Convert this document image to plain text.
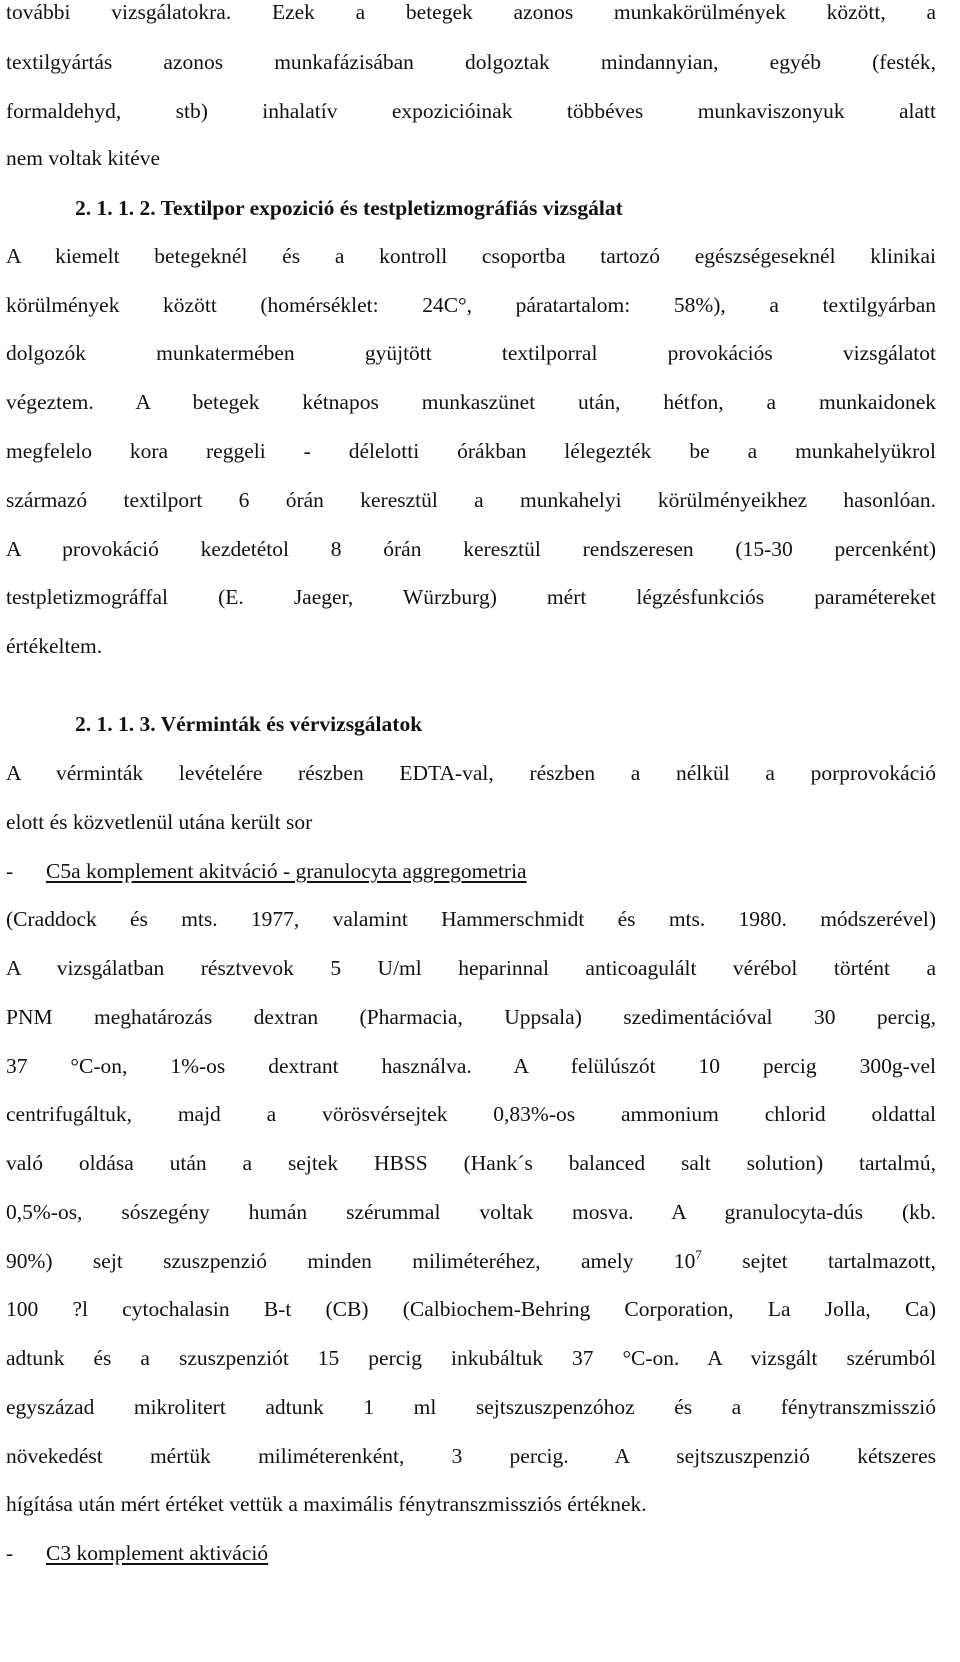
további vizsgálatokra. Ezek a betegek azonos munkakörülmények között, a
textilgyártás azonos munkafázisában dolgoztak mindannyian, egyéb (festék,
formaldehyd, stb) inhalatív expozicióinak többéves munkaviszonyuk alatt
nem voltak kitéve
2. 1. 1. 2. Textilpor expozició és testpletizmográfiás vizsgálat
A kiemelt betegeknél és a kontroll csoportba tartozó egészségeseknél klinikai
körülmények között (homérséklet: 24C°, páratartalom: 58%), a textilgyárban
dolgozók munkatermében gyüjtött textilporral provokációs vizsgálatot
végeztem. A betegek kétnapos munkaszünet után, hétfon, a munkaidonek
megfelelo kora reggeli - délelotti órákban lélegezték be a munkahelyükrol
származó textilport 6 órán keresztül a munkahelyi körülményeikhez hasonlóan.
A provokáció kezdetétol 8 órán keresztül rendszeresen (15-30 percenként)
testpletizmográffal (E. Jaeger, Würzburg) mért légzésfunkciós paramétereket
értékeltem.
2. 1. 1. 3. Vérminták és vérvizsgálatok
A vérminták levételére részben EDTA-val, részben a nélkül a porprovokáció
elott és közvetlenül utána került sor
- C5a komplement akitváció - granulocyta aggregometria
(Craddock és mts. 1977, valamint Hammerschmidt és mts. 1980. módszerével)
A vizsgálatban résztvevok 5 U/ml heparinnal anticoagulált vérébol történt a
PNM meghatározás dextran (Pharmacia, Uppsala) szedimentációval 30 percig,
37 °C-on, 1%-os dextrant használva. A felülúszót 10 percig 300g-vel
centrifugáltuk, majd a vörösvérsejtek 0,83%-os ammonium chlorid oldattal
való oldása után a sejtek HBSS (Hank´s balanced salt solution) tartalmú,
0,5%-os, sószegény humán szérummal voltak mosva. A granulocyta-dús (kb.
90%) sejt szuszpenzió minden miliméteréhez, amely $10^7$ sejtet tartalmazott,
100 ?l cytochalasin B-t (CB) (Calbiochem-Behring Corporation, La Jolla, Ca)
adtunk és a szuszpenziót 15 percig inkubáltuk 37 °C-on. A vizsgált szérumból
egyszázad mikrolitert adtunk 1 ml sejtszuszpenzóhoz és a fénytranszmisszió
növekedést mértük miliméterenként, 3 percig. A sejtszuszpenzió kétszeres
hígítása után mért értéket vettük a maximális fénytranszmissziós értéknek.
- C3 komplement aktiváció
